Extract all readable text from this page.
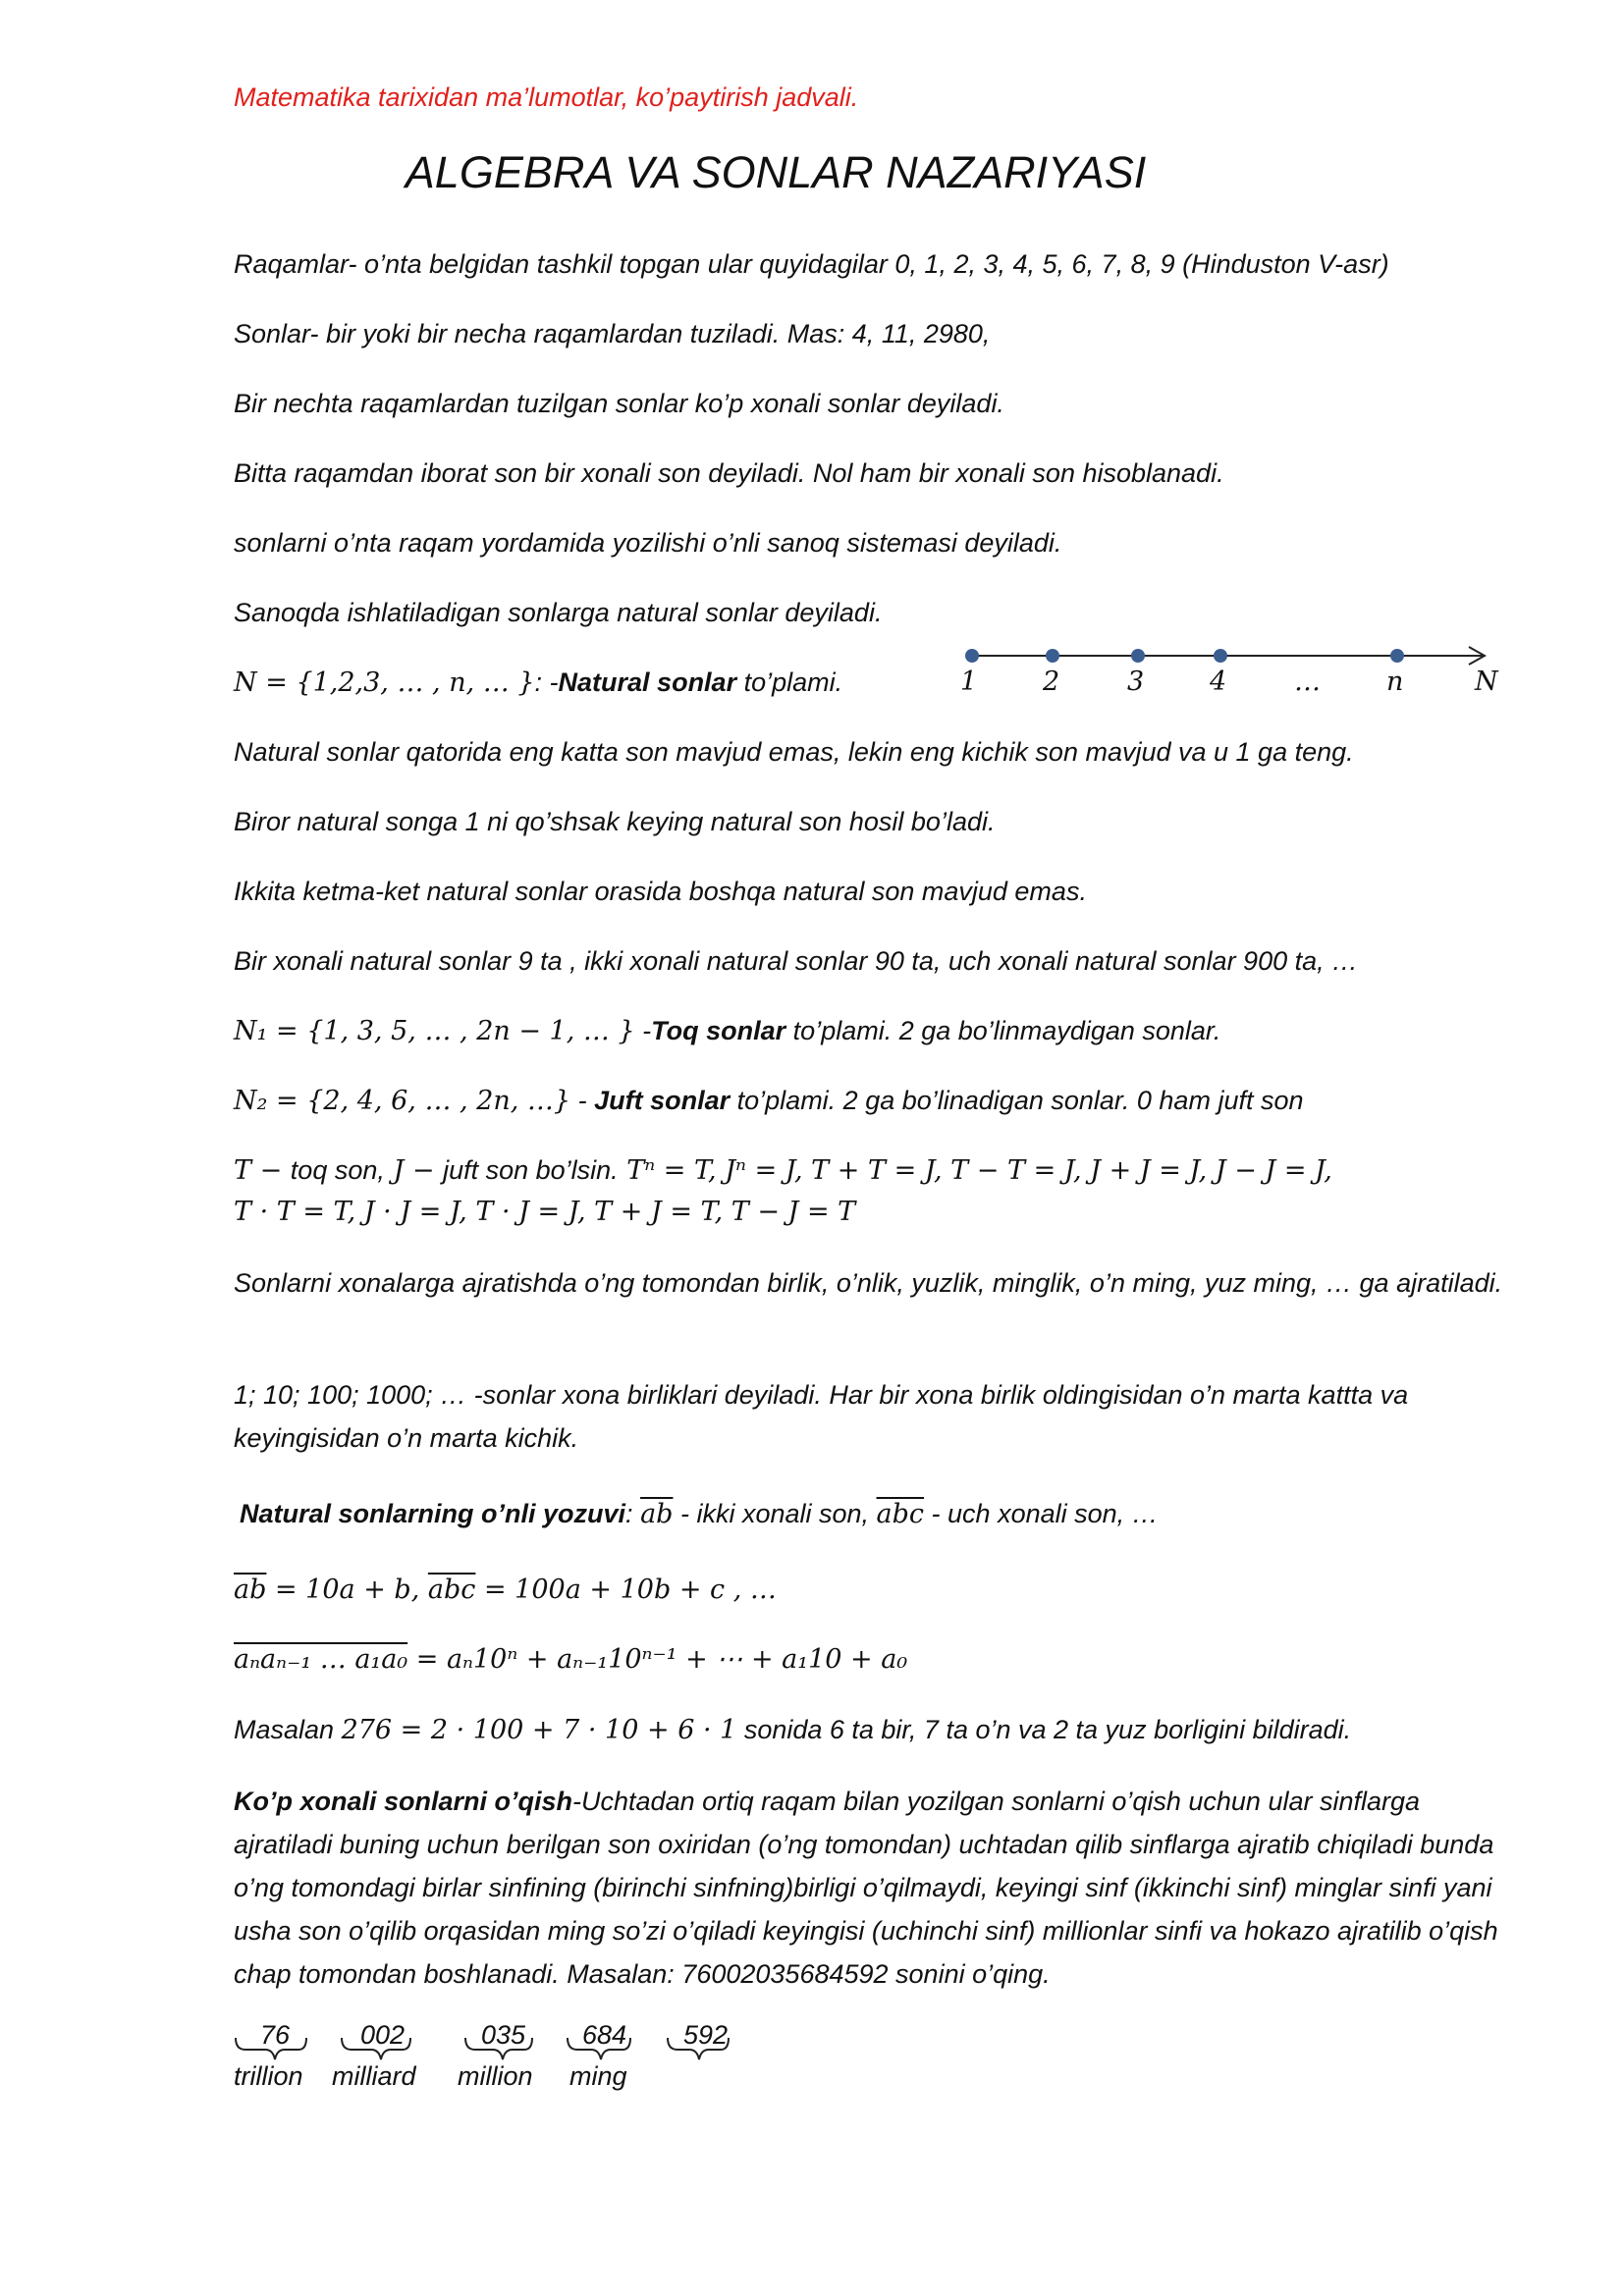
Matematika tarixidan ma’lumotlar, ko’paytirish jadvali.
ALGEBRA VA SONLAR NAZARIYASI
Raqamlar- o’nta belgidan tashkil topgan ular quyidagilar 0, 1, 2, 3, 4, 5, 6, 7, 8, 9 (Hinduston V-asr)
Sonlar- bir yoki bir necha raqamlardan tuziladi. Mas: 4, 11, 2980,
Bir nechta raqamlardan tuzilgan sonlar ko’p xonali sonlar deyiladi.
Bitta raqamdan iborat son bir xonali son deyiladi. Nol ham bir xonali son hisoblanadi.
sonlarni o’nta raqam yordamida yozilishi o’nli sanoq sistemasi deyiladi.
Sanoqda ishlatiladigan sonlarga natural sonlar deyiladi.
N = {1,2,3, … , n, … }: -Natural sonlar to’plami.	1 2	3 4	… n	N
Natural sonlar qatorida eng katta son mavjud emas, lekin eng kichik son mavjud va u 1 ga teng.
Biror natural songa 1 ni qo’shsak keying natural son hosil bo’ladi.
Ikkita ketma-ket natural sonlar orasida boshqa natural son mavjud emas.
Bir xonali natural sonlar 9 ta , ikki xonali natural sonlar 90 ta, uch xonali natural sonlar 900 ta, …
N₁ = {1, 3, 5, … , 2n − 1, … } -Toq sonlar to’plami. 2 ga bo’linmaydigan sonlar.
N₂ = {2, 4, 6, … , 2n, …} - Juft sonlar to’plami. 2 ga bo’linadigan sonlar. 0 ham juft son
T − toq son, J − juft son bo’lsin. Tⁿ = T, Jⁿ = J, T + T = J, T − T = J, J + J = J, J − J = J,
T · T = T, J · J = J, T · J = J, T + J = T, T − J = T
Sonlarni xonalarga ajratishda o’ng tomondan birlik, o’nlik, yuzlik, minglik, o’n ming, yuz ming, … ga ajratiladi.
1; 10; 100; 1000; … -sonlar xona birliklari deyiladi. Har bir xona birlik oldingisidan o’n marta kattta va keyingisidan o’n marta kichik.
Natural sonlarning o’nli yozuvi: $\overline{ab}$ - ikki xonali son, $\overline{abc}$ - uch xonali son, …
$\overline{ab} = 10a + b$, $\overline{abc} = 100a + 10b + c$ , …
aₙaₙ₋₁ … a₁a₀ = aₙ10ⁿ + aₙ₋₁10ⁿ⁻¹ + ⋯ + a₁10 + a₀
Masalan 276 = 2 · 100 + 7 · 10 + 6 · 1 sonida 6 ta bir, 7 ta o’n va 2 ta yuz borligini bildiradi.
Ko’p xonali sonlarni o’qish-Uchtadan ortiq raqam bilan yozilgan sonlarni o’qish uchun ular sinflarga ajratiladi buning uchun berilgan son oxiridan (o’ng tomondan) uchtadan qilib sinflarga ajratib chiqiladi bunda o’ng tomondagi birlar sinfining (birinchi sinfning)birligi o’qilmaydi, keyingi sinf (ikkinchi sinf) minglar sinfi yani usha son o’qilib orqasidan ming so’zi o’qiladi keyingisi (uchinchi sinf) millionlar sinfi va hokazo ajratilib o’qish chap tomondan boshlanadi. Masalan: 76002035684592 sonini o’qing.
76	002	035 684 592
trillion milliard million ming
